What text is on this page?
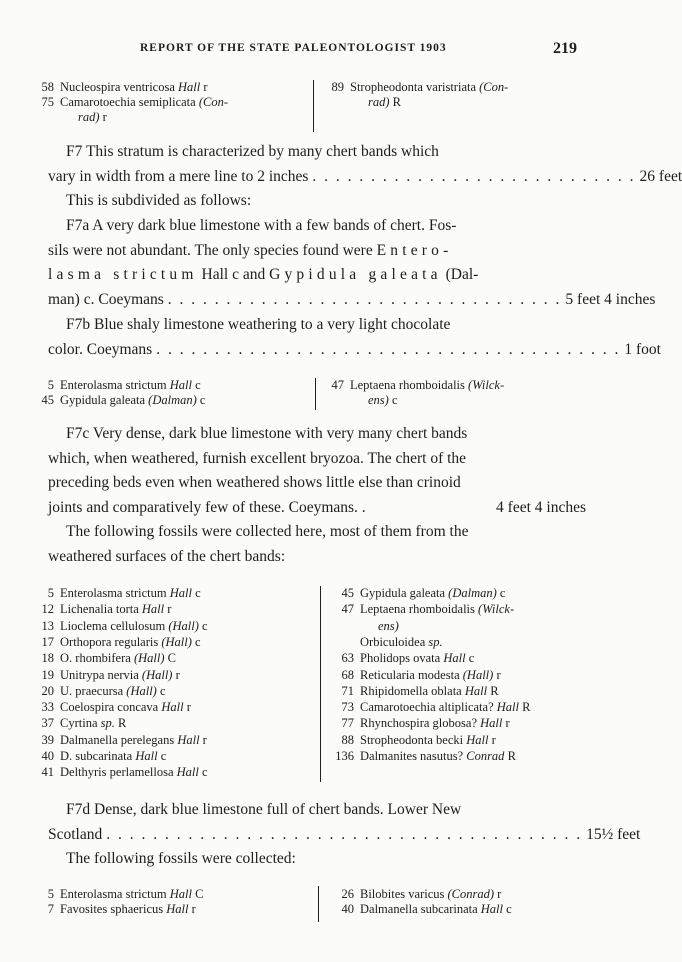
REPORT OF THE STATE PALEONTOLOGIST 1903	219
58 Nucleospira ventricosa Hall r
75 Camarotoechia semiplicata (Con-
rad) r
89 Stropheodonta varistriata (Con-
rad) R

F7 This stratum is characterized by many chert bands which

vary in width from a mere line to 2 inches . . . . . . . . . . . . . . . . . . . . . . . . . . . . 26 feet

This is subdivided as follows:

F7a A very dark blue limestone with a few bands of chert. Fos-

sils were not abundant. The only species found were Entero-

lasma strictum Hall c and Gypidula galeata (Dal-

man) c. Coeymans . . . . . . . . . . . . . . . . . . . . . . . . . . . . . . . . . . 5 feet 4 inches

F7b Blue shaly limestone weathering to a very light chocolate

color. Coeymans . . . . . . . . . . . . . . . . . . . . . . . . . . . . . . . . . . . . . . . . 1 foot
5 Enterolasma strictum Hall c
45 Gypidula galeata (Dalman) c
47 Leptaena rhomboidalis (Wilck-
ens) c

F7c Very dense, dark blue limestone with very many chert bands

which, when weathered, furnish excellent bryozoa. The chert of the

preceding beds even when weathered shows little else than crinoid

joints and comparatively few of these. Coeymans. .	4 feet 4 inches

The following fossils were collected here, most of them from the

weathered surfaces of the chert bands:

5 Enterolasma strictum Hall c
12 Lichenalia torta Hall r
13 Lioclema cellulosum (Hall) c
17 Orthopora regularis (Hall) c
18 O. rhombifera (Hall) C
19 Unitrypa nervia (Hall) r
20 U. praecursa (Hall) c
33 Coelospira concava Hall r
37 Cyrtina sp. R
39 Dalmanella perelegans Hall r
40 D. subcarinata Hall c
41 Delthyris perlamellosa Hall c
45 Gypidula galeata (Dalman) c
47 Leptaena rhomboidalis (Wilck-
ens)
Orbiculoidea sp.
63 Pholidops ovata Hall c
68 Reticularia modesta (Hall) r
71 Rhipidomella oblata Hall R
73 Camarotoechia altiplicata? Hall R
77 Rhynchospira globosa? Hall r
88 Stropheodonta becki Hall r
136 Dalmanites nasutus? Conrad R

F7d Dense, dark blue limestone full of chert bands. Lower New

Scotland . . . . . . . . . . . . . . . . . . . . . . . . . . . . . . . . . . . . . . . . . 15½ feet

The following fossils were collected:

5 Enterolasma strictum Hall C
7 Favosites sphaericus Hall r
26 Bilobites varicus (Conrad) r
40 Dalmanella subcarinata Hall c
